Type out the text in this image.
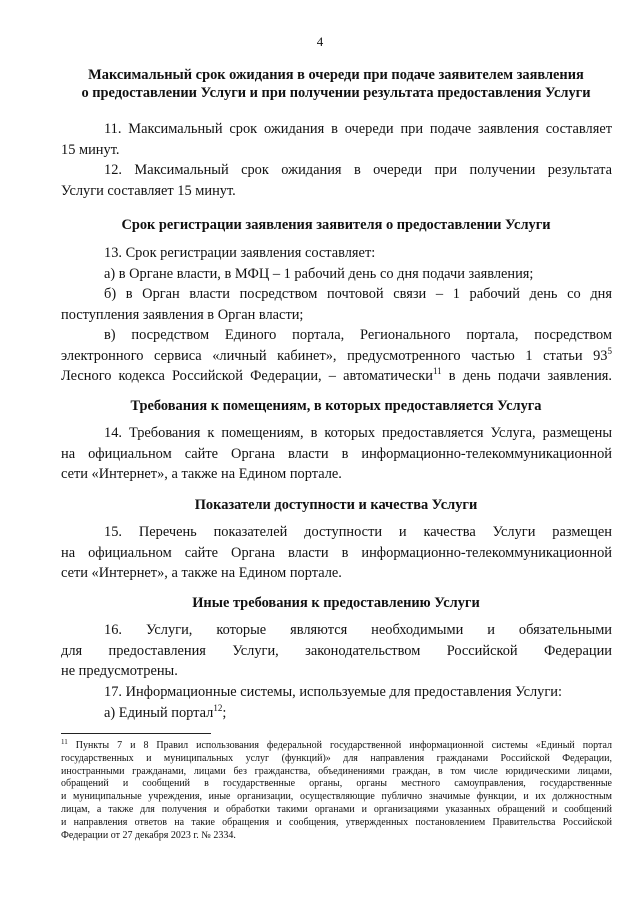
4
Максимальный срок ожидания в очереди при подаче заявителем заявления
о предоставлении Услуги и при получении результата предоставления Услуги
11. Максимальный срок ожидания в очереди при подаче заявления составляет
15 минут.
12. Максимальный срок ожидания в очереди при получении результата
Услуги составляет 15 минут.
Срок регистрации заявления заявителя о предоставлении Услуги
13. Срок регистрации заявления составляет:
а) в Органе власти, в МФЦ – 1 рабочий день со дня подачи заявления;
б) в Орган власти посредством почтовой связи – 1 рабочий день со дня
поступления заявления в Орган власти;
в) посредством Единого портала, Регионального портала, посредством
электронного сервиса «личный кабинет», предусмотренного частью 1 статьи $93^5$
Лесного кодекса Российской Федерации, – автоматически$^{11}$ в день подачи заявления.
Требования к помещениям, в которых предоставляется Услуга
14. Требования к помещениям, в которых предоставляется Услуга, размещены
на официальном сайте Органа власти в информационно-телекоммуникационной
сети «Интернет», а также на Едином портале.
Показатели доступности и качества Услуги
15. Перечень показателей доступности и качества Услуги размещен
на официальном сайте Органа власти в информационно-телекоммуникационной
сети «Интернет», а также на Едином портале.
Иные требования к предоставлению Услуги
16. Услуги, которые являются необходимыми и обязательными
для предоставления Услуги, законодательством Российской Федерации
не предусмотрены.
17. Информационные системы, используемые для предоставления Услуги:
а) Единый портал$^{12}$;
$^{11}$ Пункты 7 и 8 Правил использования федеральной государственной информационной системы «Единый портал
государственных и муниципальных услуг (функций)» для направления гражданами Российской Федерации,
иностранными гражданами, лицами без гражданства, объединениями граждан, в том числе юридическими лицами,
обращений и сообщений в государственные органы, органы местного самоуправления, государственные
и муниципальные учреждения, иные организации, осуществляющие публично значимые функции, и их должностным
лицам, а также для получения и обработки такими органами и организациями указанных обращений и сообщений
и направления ответов на такие обращения и сообщения, утвержденных постановлением Правительства Российской
Федерации от 27 декабря 2023 г. № 2334.
